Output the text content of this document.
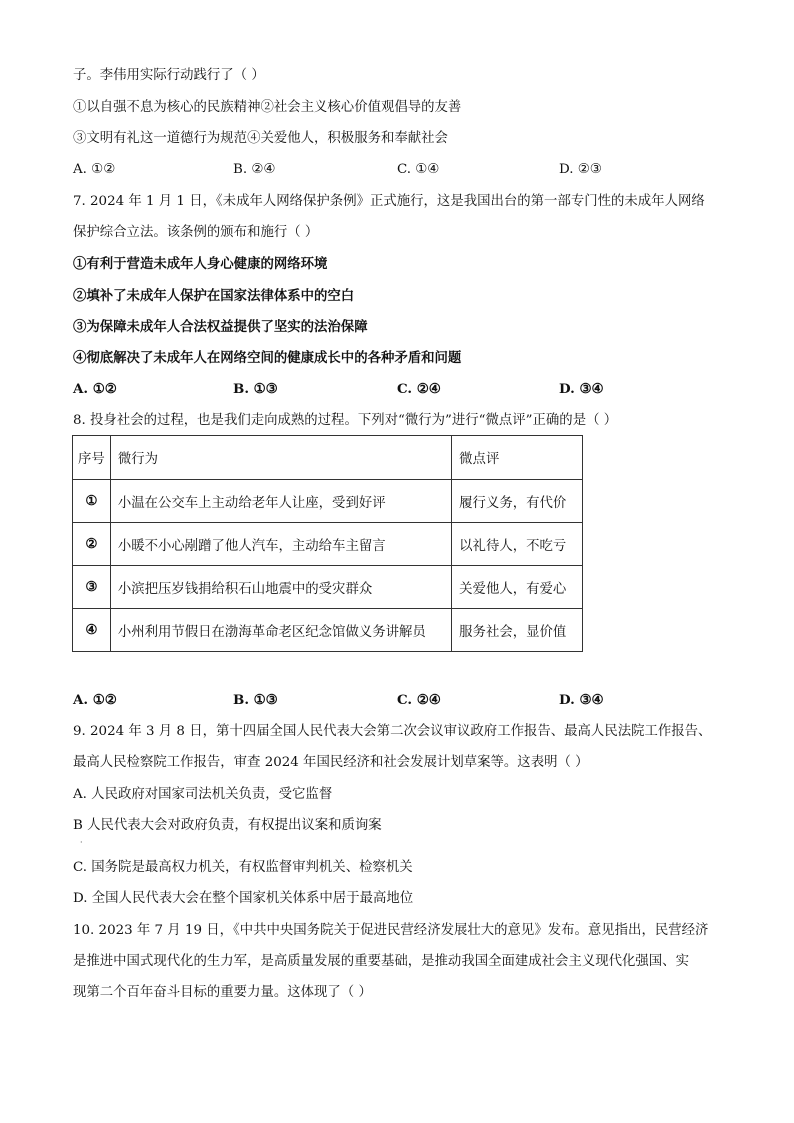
子。李伟用实际行动践行了（ ）
①以自强不息为核心的民族精神②社会主义核心价值观倡导的友善
③文明有礼这一道德行为规范④关爱他人，积极服务和奉献社会
A. ①②	B. ②④	C. ①④	D. ②③
7. 2024 年 1 月 1 日，《未成年人网络保护条例》正式施行，这是我国出台的第一部专门性的未成年人网络
保护综合立法。该条例的颁布和施行（ ）
①有利于营造未成年人身心健康的网络环境
②填补了未成年人保护在国家法律体系中的空白
③为保障未成年人合法权益提供了坚实的法治保障
④彻底解决了未成年人在网络空间的健康成长中的各种矛盾和问题
A. ①②	B. ①③	C. ②④	D. ③④
8. 投身社会的过程，也是我们走向成熟的过程。下列对“微行为”进行“微点评”正确的是（ ）
序号	微行为	微点评
①	小温在公交车上主动给老年人让座，受到好评	履行义务，有代价
②	小暖不小心剐蹭了他人汽车，主动给车主留言	以礼待人，不吃亏
③	小滨把压岁钱捐给积石山地震中的受灾群众	关爱他人，有爱心
④	小州利用节假日在渤海革命老区纪念馆做义务讲解员	服务社会，显价值
A. ①②	B. ①③	C. ②④	D. ③④
9. 2024 年 3 月 8 日，第十四届全国人民代表大会第二次会议审议政府工作报告、最高人民法院工作报告、
最高人民检察院工作报告，审查 2024 年国民经济和社会发展计划草案等。这表明（ ）
A. 人民政府对国家司法机关负责，受它监督
B 人民代表大会对政府负责，有权提出议案和质询案
·
C. 国务院是最高权力机关，有权监督审判机关、检察机关
D. 全国人民代表大会在整个国家机关体系中居于最高地位
10. 2023 年 7 月 19 日，《中共中央国务院关于促进民营经济发展壮大的意见》发布。意见指出，民营经济
是推进中国式现代化的生力军，是高质量发展的重要基础，是推动我国全面建成社会主义现代化强国、实
现第二个百年奋斗目标的重要力量。这体现了（ ）
